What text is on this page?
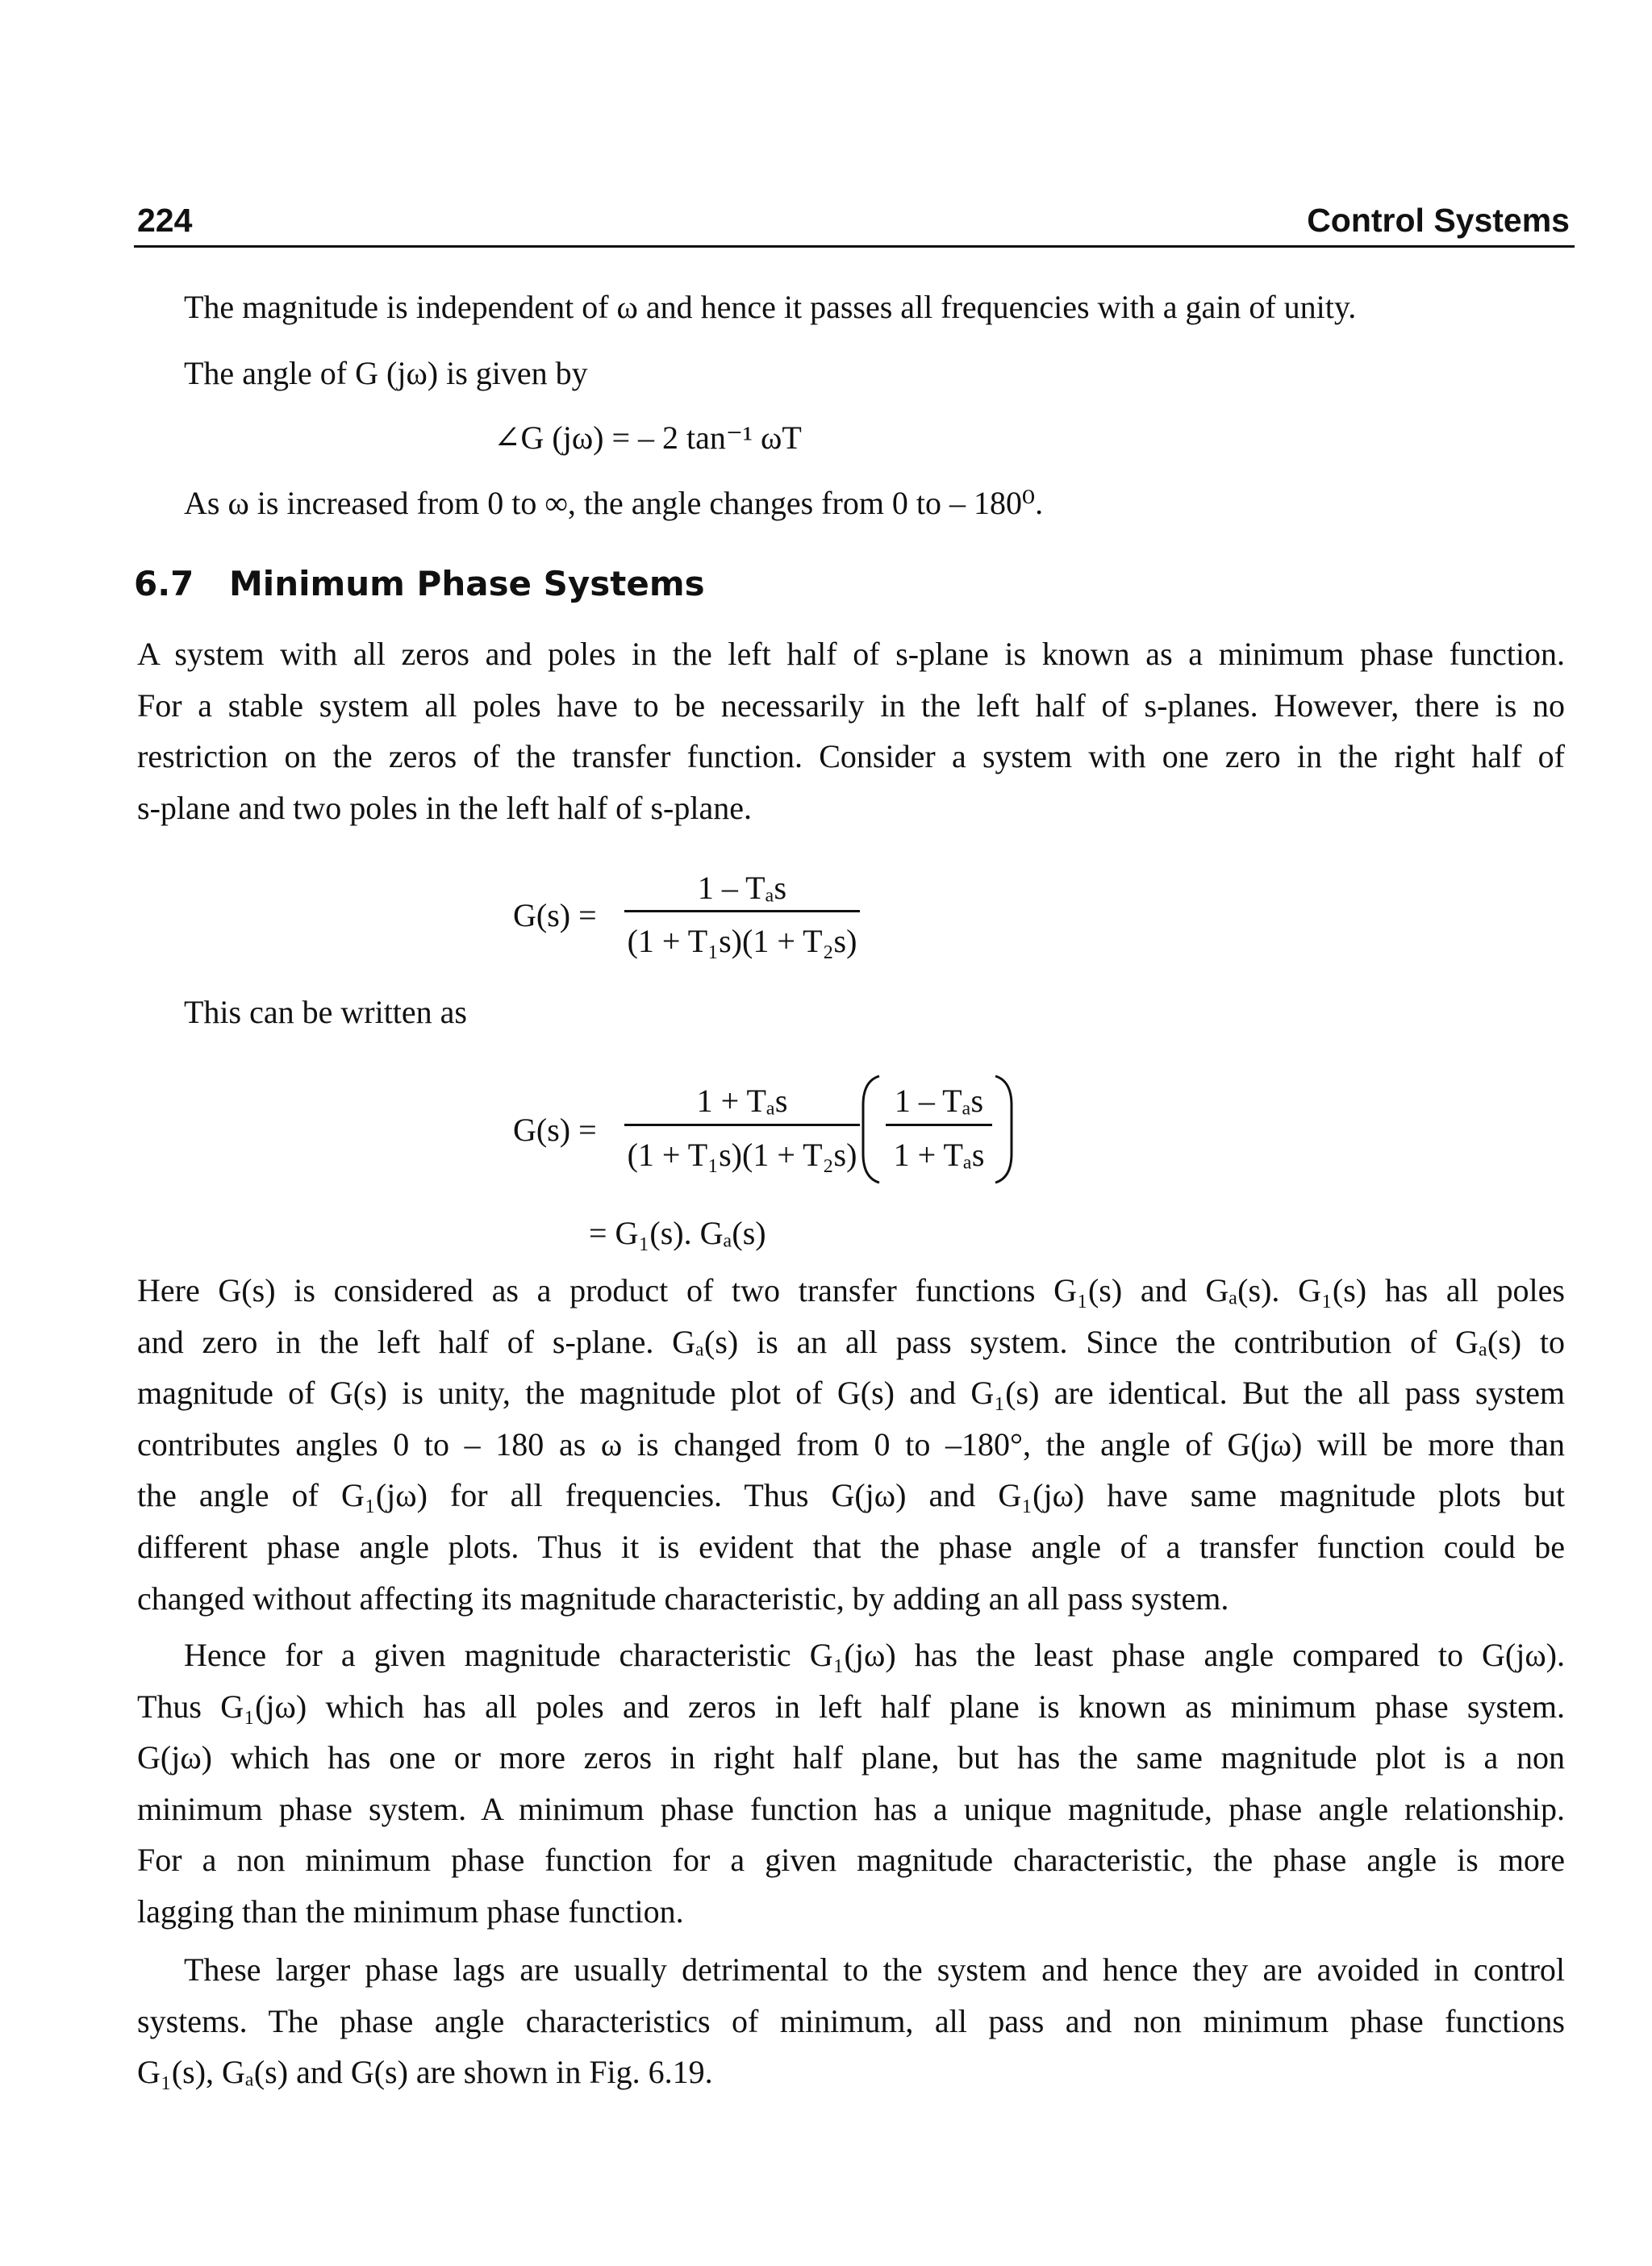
224	Control Systems
The magnitude is independent of ω and hence it passes all frequencies with a gain of unity.
The angle of G (jω) is given by
∠G (jω) = – 2 tan⁻¹ ωT
As ω is increased from 0 to ∞, the angle changes from 0 to – 180⁰.
6.7 Minimum Phase Systems
A system with all zeros and poles in the left half of s-plane is known as a minimum phase function.
For a stable system all poles have to be necessarily in the left half of s-planes. However, there is no
restriction on the zeros of the transfer function. Consider a system with one zero in the right half of
s-plane and two poles in the left half of s-plane.
G(s) =
1 – Tₐs
(1 + T₁s)(1 + T₂s)
This can be written as
G(s) =
1 + Tₐs
(1 + T₁s)(1 + T₂s)
1 – Tₐs
1 + Tₐs
= G₁(s). Gₐ(s)
Here G(s) is considered as a product of two transfer functions G₁(s) and Gₐ(s). G₁(s) has all poles
and zero in the left half of s-plane. Gₐ(s) is an all pass system. Since the contribution of Gₐ(s) to
magnitude of G(s) is unity, the magnitude plot of G(s) and G₁(s) are identical. But the all pass system
contributes angles 0 to – 180 as ω is changed from 0 to –180°, the angle of G(jω) will be more than
the angle of G₁(jω) for all frequencies. Thus G(jω) and G₁(jω) have same magnitude plots but
different phase angle plots. Thus it is evident that the phase angle of a transfer function could be
changed without affecting its magnitude characteristic, by adding an all pass system.
Hence for a given magnitude characteristic G₁(jω) has the least phase angle compared to G(jω).
Thus G₁(jω) which has all poles and zeros in left half plane is known as minimum phase system.
G(jω) which has one or more zeros in right half plane, but has the same magnitude plot is a non
minimum phase system. A minimum phase function has a unique magnitude, phase angle relationship.
For a non minimum phase function for a given magnitude characteristic, the phase angle is more
lagging than the minimum phase function.
These larger phase lags are usually detrimental to the system and hence they are avoided in control
systems. The phase angle characteristics of minimum, all pass and non minimum phase functions
G₁(s), Gₐ(s) and G(s) are shown in Fig. 6.19.
